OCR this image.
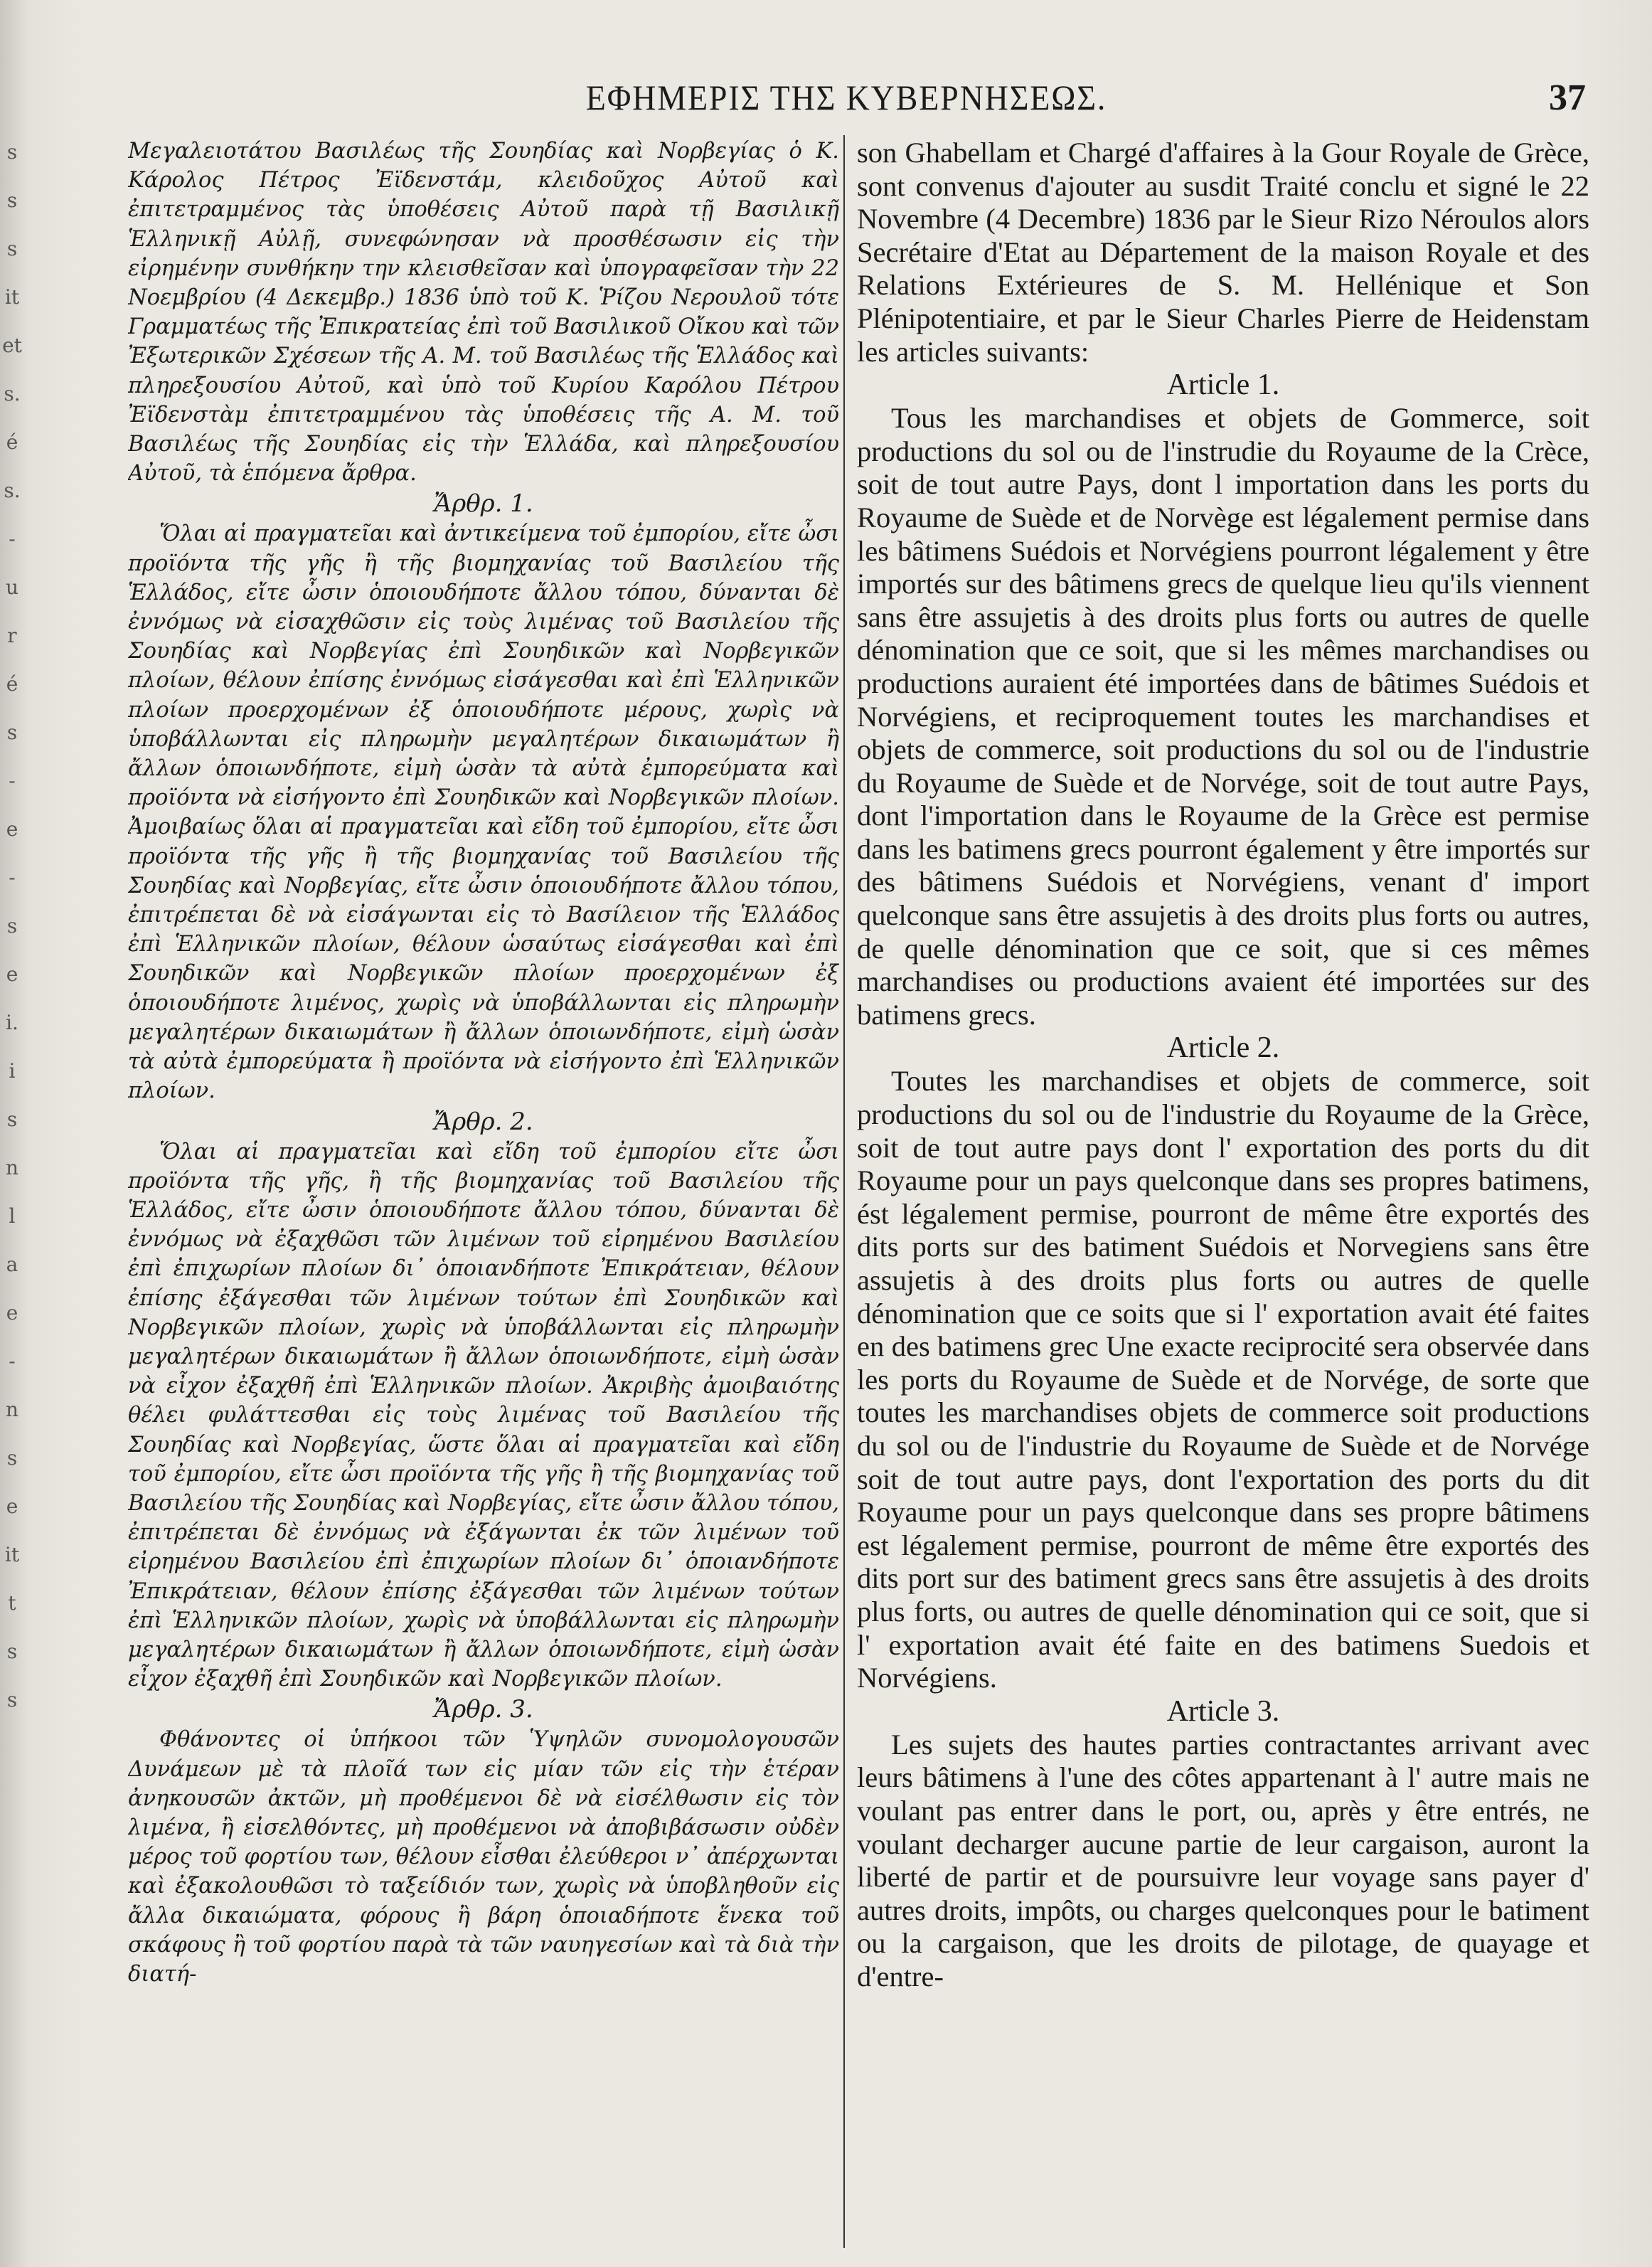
s
s
s
it
et
s.
é
s.
-
u
r
é
s
-
e
-
s
e
i.
i
s
n
l
a
e
-
n
s
e
it
t
s
s
ΕΦΗΜΕΡΙΣ ΤΗΣ ΚΥΒΕΡΝΗΣΕΩΣ.	37

Μεγαλειοτάτου Βασιλέως τῆς Σουηδίας καὶ Νορβεγίας ὁ Κ. Κάρολος Πέτρος Ἐϊδενστάμ, κλειδοῦχος Αὐτοῦ καὶ ἐπιτετραμμένος τὰς ὑποθέσεις Αὐτοῦ παρὰ τῇ Βασιλικῇ Ἑλληνικῇ Αὐλῇ, συνεφώνησαν νὰ προσθέσωσιν εἰς τὴν εἰρημένην συνθήκην την κλεισθεῖσαν καὶ ὑπογραφεῖσαν τὴν 22 Νοεμβρίου (4 Δεκεμβρ.) 1836 ὑπὸ τοῦ Κ. Ῥίζου Νερουλοῦ τότε Γραμματέως τῆς Ἐπικρατείας ἐπὶ τοῦ Βασιλικοῦ Οἴκου καὶ τῶν Ἐξωτερικῶν Σχέσεων τῆς Α. Μ. τοῦ Βασιλέως τῆς Ἑλλάδος καὶ πληρεξουσίου Αὐτοῦ, καὶ ὑπὸ τοῦ Κυρίου Καρόλου Πέτρου Ἐϊδενστὰμ ἐπιτετραμμένου τὰς ὑποθέσεις τῆς Α. Μ. τοῦ Βασιλέως τῆς Σουηδίας εἰς τὴν Ἑλλάδα, καὶ πληρεξουσίου Αὐτοῦ, τὰ ἑπόμενα ἄρθρα.

Ἄρθρ. 1.

Ὅλαι αἱ πραγματεῖαι καὶ ἀντικείμενα τοῦ ἐμπορίου, εἴτε ὦσι προϊόντα τῆς γῆς ἢ τῆς βιομηχανίας τοῦ Βασιλείου τῆς Ἑλλάδος, εἴτε ὦσιν ὁποιουδήποτε ἄλλου τόπου, δύνανται δὲ ἐννόμως νὰ εἰσαχθῶσιν εἰς τοὺς λιμένας τοῦ Βασιλείου τῆς Σουηδίας καὶ Νορβεγίας ἐπὶ Σουηδικῶν καὶ Νορβεγικῶν πλοίων, θέλουν ἐπίσης ἐννόμως εἰσάγεσθαι καὶ ἐπὶ Ἑλληνικῶν πλοίων προερχομένων ἐξ ὁποιουδήποτε μέρους, χωρὶς νὰ ὑποβάλλωνται εἰς πληρωμὴν μεγαλητέρων δικαιωμάτων ἢ ἄλλων ὁποιωνδήποτε, εἰμὴ ὡσὰν τὰ αὐτὰ ἐμπορεύματα καὶ προϊόντα νὰ εἰσήγοντο ἐπὶ Σουηδικῶν καὶ Νορβεγικῶν πλοίων. Ἀμοιβαίως ὅλαι αἱ πραγματεῖαι καὶ εἴδη τοῦ ἐμπορίου, εἴτε ὦσι προϊόντα τῆς γῆς ἢ τῆς βιομηχανίας τοῦ Βασιλείου τῆς Σουηδίας καὶ Νορβεγίας, εἴτε ὦσιν ὁποιουδήποτε ἄλλου τόπου, ἐπιτρέπεται δὲ νὰ εἰσάγωνται εἰς τὸ Βασίλειον τῆς Ἑλλάδος ἐπὶ Ἑλληνικῶν πλοίων, θέλουν ὡσαύτως εἰσάγεσθαι καὶ ἐπὶ Σουηδικῶν καὶ Νορβεγικῶν πλοίων προερχομένων ἐξ ὁποιουδήποτε λιμένος, χωρὶς νὰ ὑποβάλλωνται εἰς πληρωμὴν μεγαλητέρων δικαιωμάτων ἢ ἄλλων ὁποιωνδήποτε, εἰμὴ ὡσὰν τὰ αὐτὰ ἐμπορεύματα ἢ προϊόντα νὰ εἰσήγοντο ἐπὶ Ἑλληνικῶν πλοίων.

Ἄρθρ. 2.

Ὅλαι αἱ πραγματεῖαι καὶ εἴδη τοῦ ἐμπορίου εἴτε ὦσι προϊόντα τῆς γῆς, ἢ τῆς βιομηχανίας τοῦ Βασιλείου τῆς Ἑλλάδος, εἴτε ὦσιν ὁποιουδήποτε ἄλλου τόπου, δύνανται δὲ ἐννόμως νὰ ἐξαχθῶσι τῶν λιμένων τοῦ εἰρημένου Βασιλείου ἐπὶ ἐπιχωρίων πλοίων δι᾽ ὁποιανδήποτε Ἐπικράτειαν, θέλουν ἐπίσης ἐξάγεσθαι τῶν λιμένων τούτων ἐπὶ Σουηδικῶν καὶ Νορβεγικῶν πλοίων, χωρὶς νὰ ὑποβάλλωνται εἰς πληρωμὴν μεγαλητέρων δικαιωμάτων ἢ ἄλλων ὁποιωνδήποτε, εἰμὴ ὡσὰν νὰ εἶχον ἐξαχθῆ ἐπὶ Ἑλληνικῶν πλοίων. Ἀκριβὴς ἀμοιβαιότης θέλει φυλάττεσθαι εἰς τοὺς λιμένας τοῦ Βασιλείου τῆς Σουηδίας καὶ Νορβεγίας, ὥστε ὅλαι αἱ πραγματεῖαι καὶ εἴδη τοῦ ἐμπορίου, εἴτε ὦσι προϊόντα τῆς γῆς ἢ τῆς βιομηχανίας τοῦ Βασιλείου τῆς Σουηδίας καὶ Νορβεγίας, εἴτε ὦσιν ἄλλου τόπου, ἐπιτρέπεται δὲ ἐννόμως νὰ ἐξάγωνται ἐκ τῶν λιμένων τοῦ εἰρημένου Βασιλείου ἐπὶ ἐπιχωρίων πλοίων δι᾽ ὁποιανδήποτε Ἐπικράτειαν, θέλουν ἐπίσης ἐξάγεσθαι τῶν λιμένων τούτων ἐπὶ Ἑλληνικῶν πλοίων, χωρὶς νὰ ὑποβάλλωνται εἰς πληρωμὴν μεγαλητέρων δικαιωμάτων ἢ ἄλλων ὁποιωνδήποτε, εἰμὴ ὡσὰν εἶχον ἐξαχθῆ ἐπὶ Σουηδικῶν καὶ Νορβεγικῶν πλοίων.

Ἄρθρ. 3.

Φθάνοντες οἱ ὑπήκοοι τῶν Ὑψηλῶν συνομολογουσῶν Δυνάμεων μὲ τὰ πλοῖά των εἰς μίαν τῶν εἰς τὴν ἑτέραν ἀνηκουσῶν ἀκτῶν, μὴ προθέμενοι δὲ νὰ εἰσέλθωσιν εἰς τὸν λιμένα, ἢ εἰσελθόντες, μὴ προθέμενοι νὰ ἀποβιβάσωσιν οὐδὲν μέρος τοῦ φορτίου των, θέλουν εἶσθαι ἐλεύθεροι ν᾽ ἀπέρχωνται καὶ ἐξακολουθῶσι τὸ ταξείδιόν των, χωρὶς νὰ ὑποβληθοῦν εἰς ἄλλα δικαιώματα, φόρους ἢ βάρη ὁποιαδήποτε ἕνεκα τοῦ σκάφους ἢ τοῦ φορτίου παρὰ τὰ τῶν ναυηγεσίων καὶ τὰ διὰ τὴν διατή-

son Ghabellam et Chargé d'affaires à la Gour Royale de Grèce, sont convenus d'ajouter au susdit Traité conclu et signé le 22 Novembre (4 Decembre) 1836 par le Sieur Rizo Néroulos alors Secrétaire d'Etat au Département de la maison Royale et des Relations Extérieures de S. M. Hellénique et Son Plénipotentiaire, et par le Sieur Charles Pierre de Heidenstam les articles suivants:

Article 1.

Tous les marchandises et objets de Gommerce, soit productions du sol ou de l'instrudie du Royaume de la Crèce, soit de tout autre Pays, dont l importation dans les ports du Royaume de Suède et de Norvège est légalement permise dans les bâtimens Suédois et Norvégiens pourront légalement y être importés sur des bâtimens grecs de quelque lieu qu'ils viennent sans être assujetis à des droits plus forts ou autres de quelle dénomination que ce soit, que si les mêmes marchandises ou productions auraient été importées dans de bâtimes Suédois et Norvégiens, et reciproquement toutes les marchandises et objets de commerce, soit productions du sol ou de l'industrie du Royaume de Suède et de Norvége, soit de tout autre Pays, dont l'importation dans le Royaume de la Grèce est permise dans les batimens grecs pourront également y être importés sur des bâtimens Suédois et Norvégiens, venant d' import quelconque sans être assujetis à des droits plus forts ou autres, de quelle dénomination que ce soit, que si ces mêmes marchandises ou productions avaient été importées sur des batimens grecs.

Article 2.

Toutes les marchandises et objets de commerce, soit productions du sol ou de l'industrie du Royaume de la Grèce, soit de tout autre pays dont l' exportation des ports du dit Royaume pour un pays quelconque dans ses propres batimens, ést légalement permise, pourront de même être exportés des dits ports sur des batiment Suédois et Norvegiens sans être assujetis à des droits plus forts ou autres de quelle dénomination que ce soits que si l' exportation avait été faites en des batimens grec Une exacte reciprocité sera observée dans les ports du Royaume de Suède et de Norvége, de sorte que toutes les marchandises objets de commerce soit productions du sol ou de l'industrie du Royaume de Suède et de Norvége soit de tout autre pays, dont l'exportation des ports du dit Royaume pour un pays quelconque dans ses propre bâtimens est légalement permise, pourront de même être exportés des dits port sur des batiment grecs sans être assujetis à des droits plus forts, ou autres de quelle dénomination qui ce soit, que si l' exportation avait été faite en des batimens Suedois et Norvégiens.

Article 3.

Les sujets des hautes parties contractantes arrivant avec leurs bâtimens à l'une des côtes appartenant à l' autre mais ne voulant pas entrer dans le port, ou, après y être entrés, ne voulant decharger aucune partie de leur cargaison, auront la liberté de partir et de poursuivre leur voyage sans payer d' autres droits, impôts, ou charges quelconques pour le batiment ou la cargaison, que les droits de pilotage, de quayage et d'entre-
